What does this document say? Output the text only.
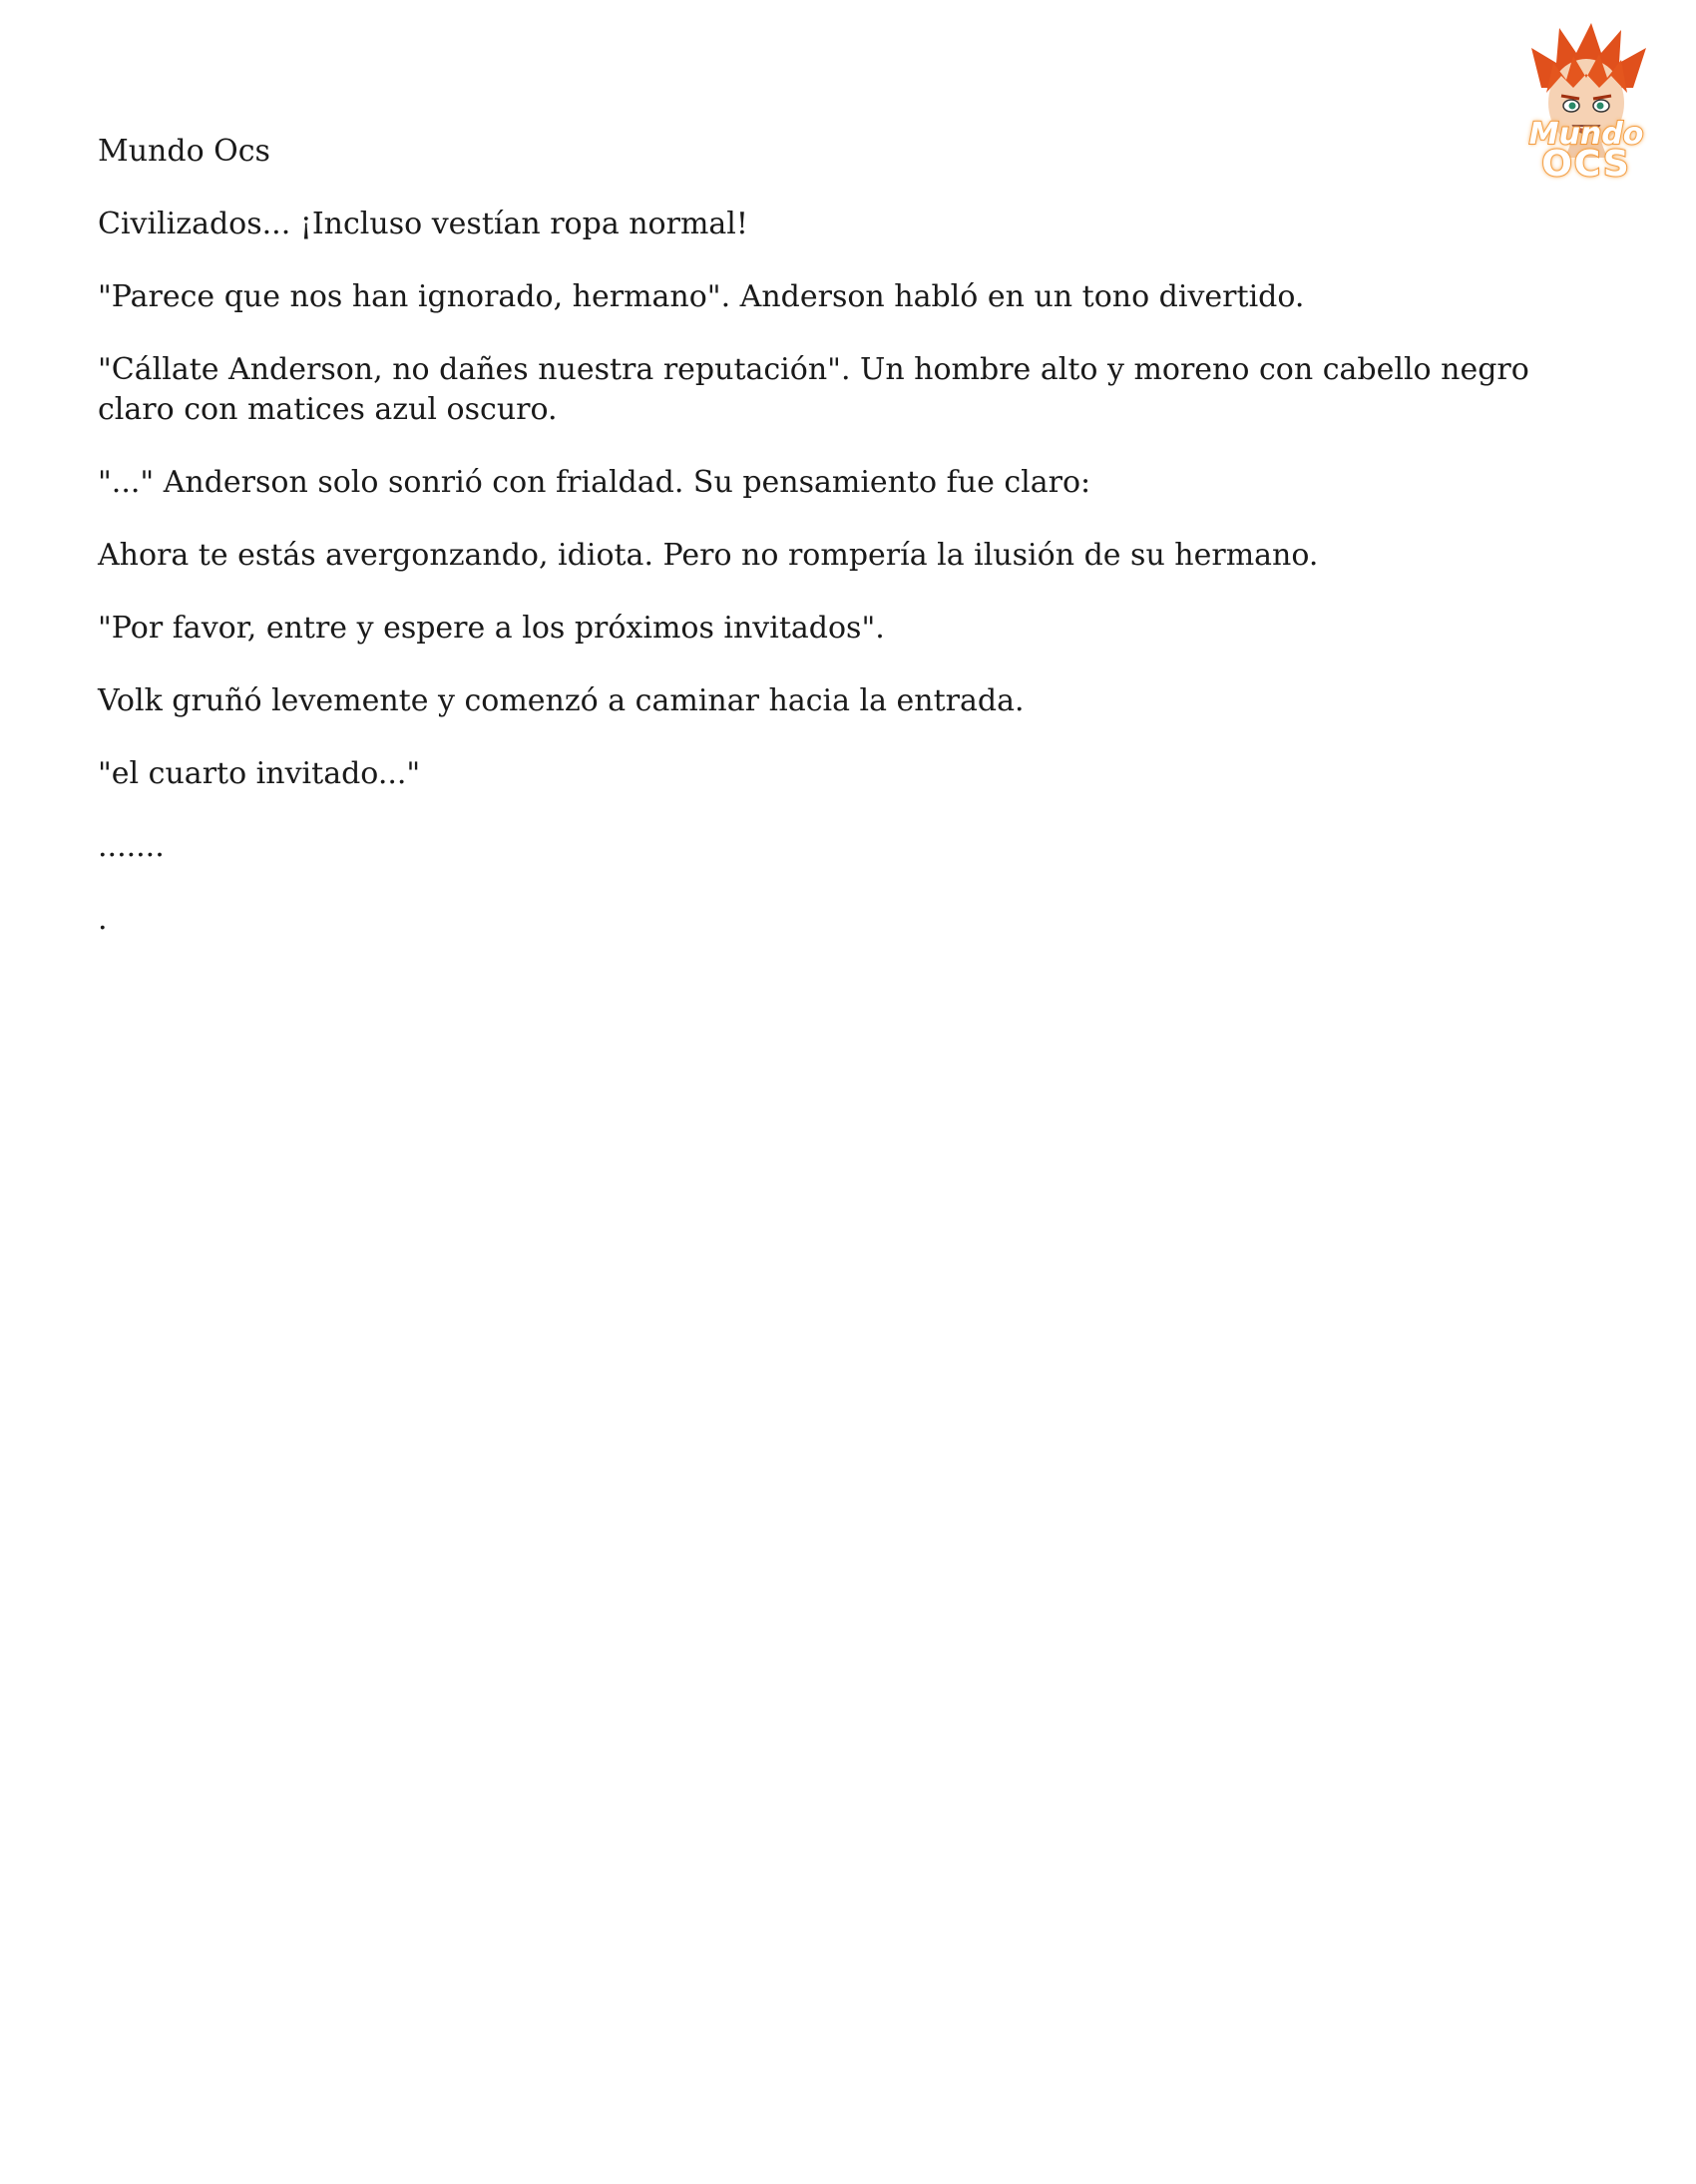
Mundo
OCS

Mundo Ocs

Civilizados... ¡Incluso vestían ropa normal!

"Parece que nos han ignorado, hermano". Anderson habló en un tono divertido.

"Cállate Anderson, no dañes nuestra reputación". Un hombre alto y moreno con cabello negro claro con matices azul oscuro.

"..." Anderson solo sonrió con frialdad. Su pensamiento fue claro:

Ahora te estás avergonzando, idiota. Pero no rompería la ilusión de su hermano.

"Por favor, entre y espere a los próximos invitados".

Volk gruñó levemente y comenzó a caminar hacia la entrada.

"el cuarto invitado..."

.......

.
